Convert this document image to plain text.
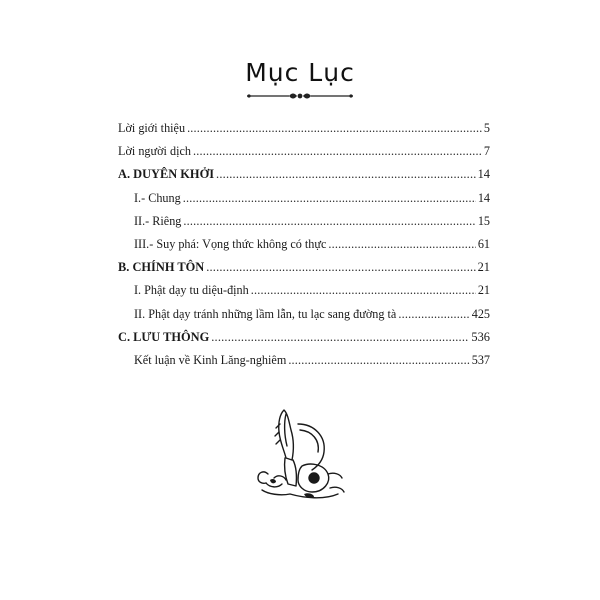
Mục Lục
Lời giới thiệu .....	5
Lời người dịch .....	7
A. DUYÊN KHỞI .....	14
I.- Chung .....	14
II.- Riêng .....	15
III.- Suy phá: Vọng thức không có thực .....	61
B. CHÍNH TÔN .....	21
I. Phật dạy tu diệu-định .....	21
II. Phật dạy tránh những lầm lẫn, tu lạc sang đường tà .....	425
C. LƯU THÔNG .....	536
Kết luận về Kinh Lăng-nghiêm .....	537
